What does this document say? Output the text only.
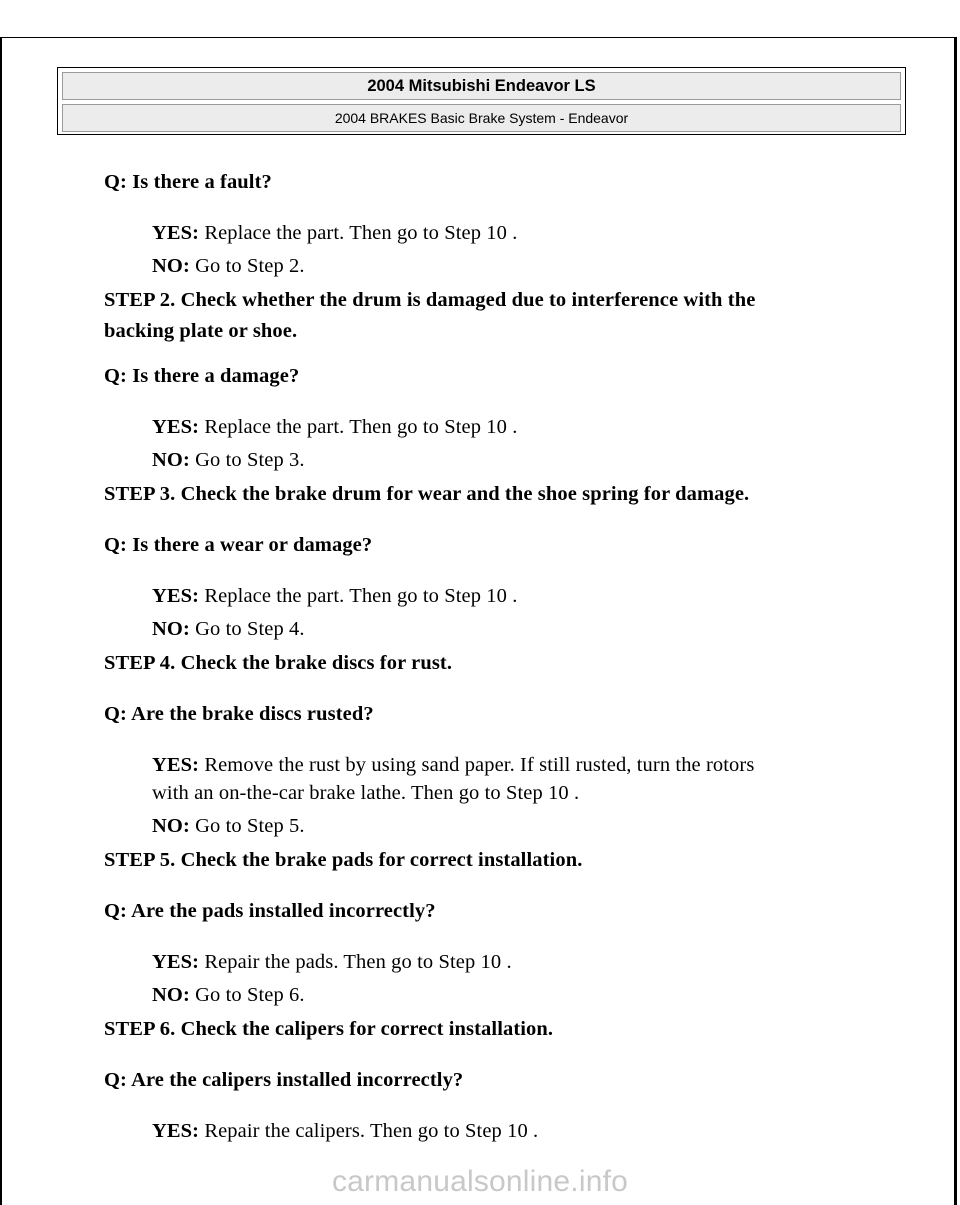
2004 Mitsubishi Endeavor LS
2004 BRAKES Basic Brake System - Endeavor
Q: Is there a fault?
YES: Replace the part. Then go to Step 10 .
NO: Go to Step 2.
STEP 2. Check whether the drum is damaged due to interference with the
backing plate or shoe.
Q: Is there a damage?
YES: Replace the part. Then go to Step 10 .
NO: Go to Step 3.
STEP 3. Check the brake drum for wear and the shoe spring for damage.
Q: Is there a wear or damage?
YES: Replace the part. Then go to Step 10 .
NO: Go to Step 4.
STEP 4. Check the brake discs for rust.
Q: Are the brake discs rusted?
YES: Remove the rust by using sand paper. If still rusted, turn the rotors
with an on-the-car brake lathe. Then go to Step 10 .
NO: Go to Step 5.
STEP 5. Check the brake pads for correct installation.
Q: Are the pads installed incorrectly?
YES: Repair the pads. Then go to Step 10 .
NO: Go to Step 6.
STEP 6. Check the calipers for correct installation.
Q: Are the calipers installed incorrectly?
YES: Repair the calipers. Then go to Step 10 .
carmanualsonline.info
